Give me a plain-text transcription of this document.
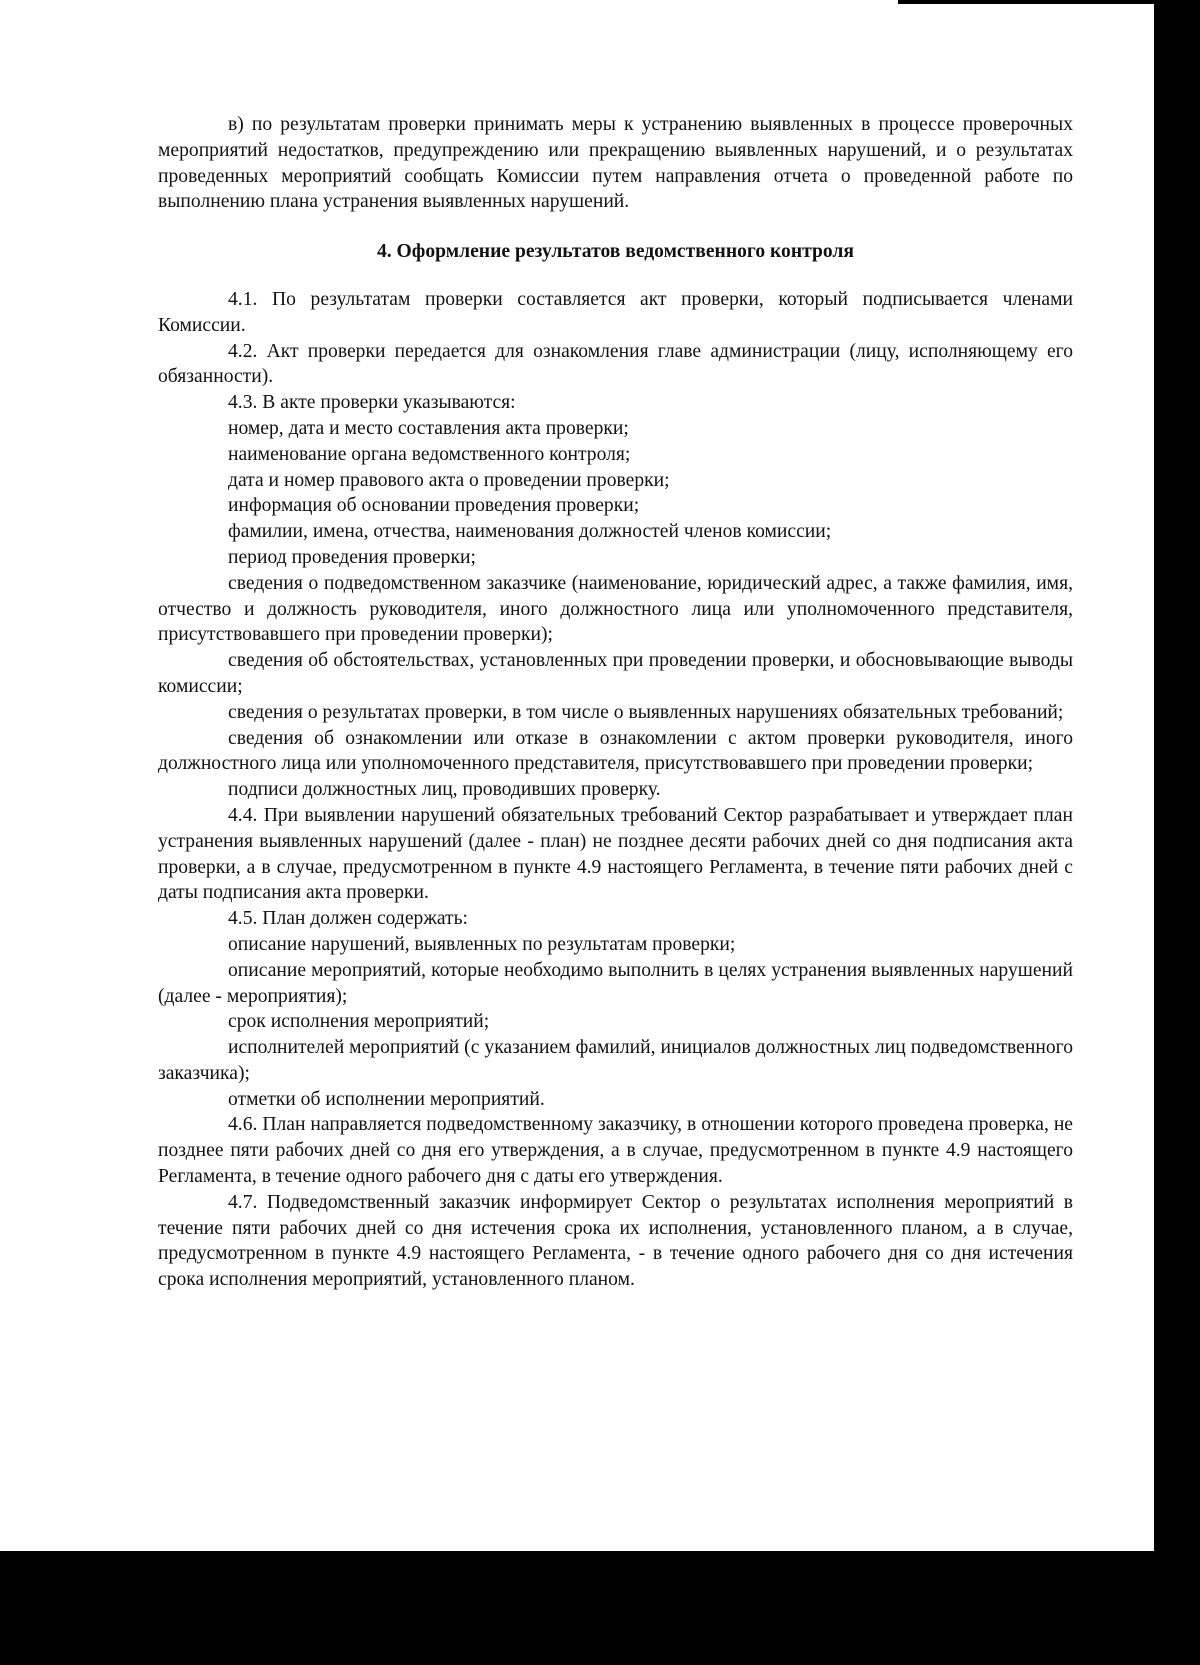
в) по результатам проверки принимать меры к устранению выявленных в процессе проверочных мероприятий недостатков, предупреждению или прекращению выявленных нарушений, и о результатах проведенных мероприятий сообщать Комиссии путем направления отчета о проведенной работе по выполнению плана устранения выявленных нарушений.

4. Оформление результатов ведомственного контроля

4.1. По результатам проверки составляется акт проверки, который подписывается членами Комиссии.

4.2. Акт проверки передается для ознакомления главе администрации (лицу, исполняющему его обязанности).

4.3. В акте проверки указываются:

номер, дата и место составления акта проверки;

наименование органа ведомственного контроля;

дата и номер правового акта о проведении проверки;

информация об основании проведения проверки;

фамилии, имена, отчества, наименования должностей членов комиссии;

период проведения проверки;

сведения о подведомственном заказчике (наименование, юридический адрес, а также фамилия, имя, отчество и должность руководителя, иного должностного лица или уполномоченного представителя, присутствовавшего при проведении проверки);

сведения об обстоятельствах, установленных при проведении проверки, и обосновывающие выводы комиссии;

сведения о результатах проверки, в том числе о выявленных нарушениях обязательных требований;

сведения об ознакомлении или отказе в ознакомлении с актом проверки руководителя, иного должностного лица или уполномоченного представителя, присутствовавшего при проведении проверки;

подписи должностных лиц, проводивших проверку.

4.4. При выявлении нарушений обязательных требований Сектор разрабатывает и утверждает план устранения выявленных нарушений (далее - план) не позднее десяти рабочих дней со дня подписания акта проверки, а в случае, предусмотренном в пункте 4.9 настоящего Регламента, в течение пяти рабочих дней с даты подписания акта проверки.

4.5. План должен содержать:

описание нарушений, выявленных по результатам проверки;

описание мероприятий, которые необходимо выполнить в целях устранения выявленных нарушений (далее - мероприятия);

срок исполнения мероприятий;

исполнителей мероприятий (с указанием фамилий, инициалов должностных лиц подведомственного заказчика);

отметки об исполнении мероприятий.

4.6. План направляется подведомственному заказчику, в отношении которого проведена проверка, не позднее пяти рабочих дней со дня его утверждения, а в случае, предусмотренном в пункте 4.9 настоящего Регламента, в течение одного рабочего дня с даты его утверждения.

4.7. Подведомственный заказчик информирует Сектор о результатах исполнения мероприятий в течение пяти рабочих дней со дня истечения срока их исполнения, установленного планом, а в случае, предусмотренном в пункте 4.9 настоящего Регламента, - в течение одного рабочего дня со дня истечения срока исполнения мероприятий, установленного планом.
